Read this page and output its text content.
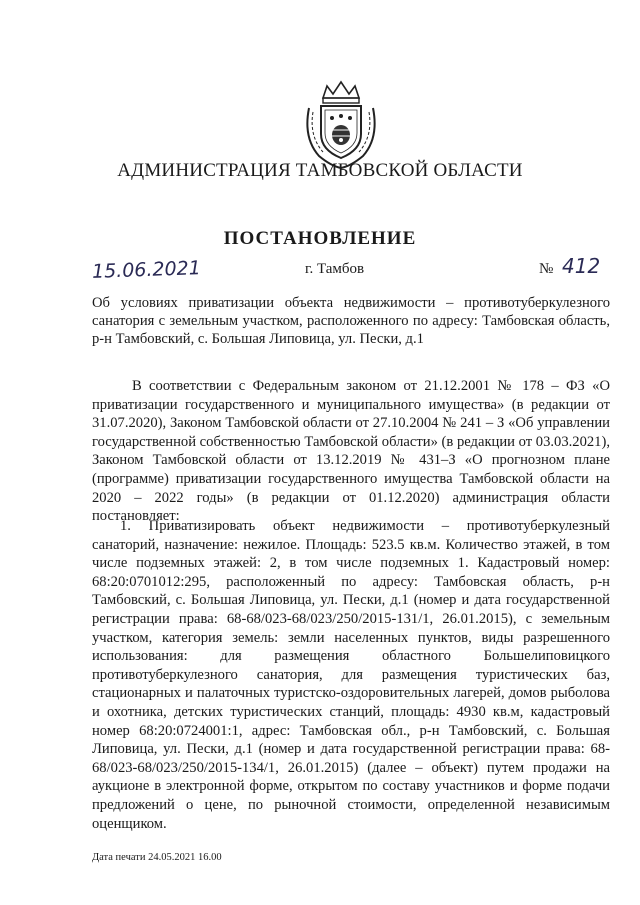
АДМИНИСТРАЦИЯ ТАМБОВСКОЙ ОБЛАСТИ
ПОСТАНОВЛЕНИЕ
15.06.2021	г. Тамбов	№ 412
Об условиях приватизации объекта недвижимости – противотуберкулезного санатория с земельным участком, расположенного по адресу: Тамбовская область, р-н Тамбовский, с. Большая Липовица, ул. Пески, д.1
В соответствии с Федеральным законом от 21.12.2001 № 178 – ФЗ «О приватизации государственного и муниципального имущества» (в редакции от 31.07.2020), Законом Тамбовской области от 27.10.2004 № 241 – З «Об управлении государственной собственностью Тамбовской области» (в редакции от 03.03.2021), Законом Тамбовской области от 13.12.2019 № 431–З «О прогнозном плане (программе) приватизации государственного имущества Тамбовской области на 2020 – 2022 годы» (в редакции от 01.12.2020) администрация области постановляет:
1. Приватизировать объект недвижимости – противотуберкулезный санаторий, назначение: нежилое. Площадь: 523.5 кв.м. Количество этажей, в том числе подземных этажей: 2, в том числе подземных 1. Кадастровый номер: 68:20:0701012:295, расположенный по адресу: Тамбовская область, р-н Тамбовский, с. Большая Липовица, ул. Пески, д.1 (номер и дата государственной регистрации права: 68-68/023-68/023/250/2015-131/1, 26.01.2015), с земельным участком, категория земель: земли населенных пунктов, виды разрешенного использования: для размещения областного Большелиповицкого противотуберкулезного санатория, для размещения туристических баз, стационарных и палаточных туристско-оздоровительных лагерей, домов рыболова и охотника, детских туристических станций, площадь: 4930 кв.м, кадастровый номер 68:20:0724001:1, адрес: Тамбовская обл., р-н Тамбовский, с. Большая Липовица, ул. Пески, д.1 (номер и дата государственной регистрации права: 68-68/023-68/023/250/2015-134/1, 26.01.2015) (далее – объект) путем продажи на аукционе в электронной форме, открытом по составу участников и форме подачи предложений о цене, по рыночной стоимости, определенной независимым оценщиком.
Дата печати 24.05.2021 16.00
